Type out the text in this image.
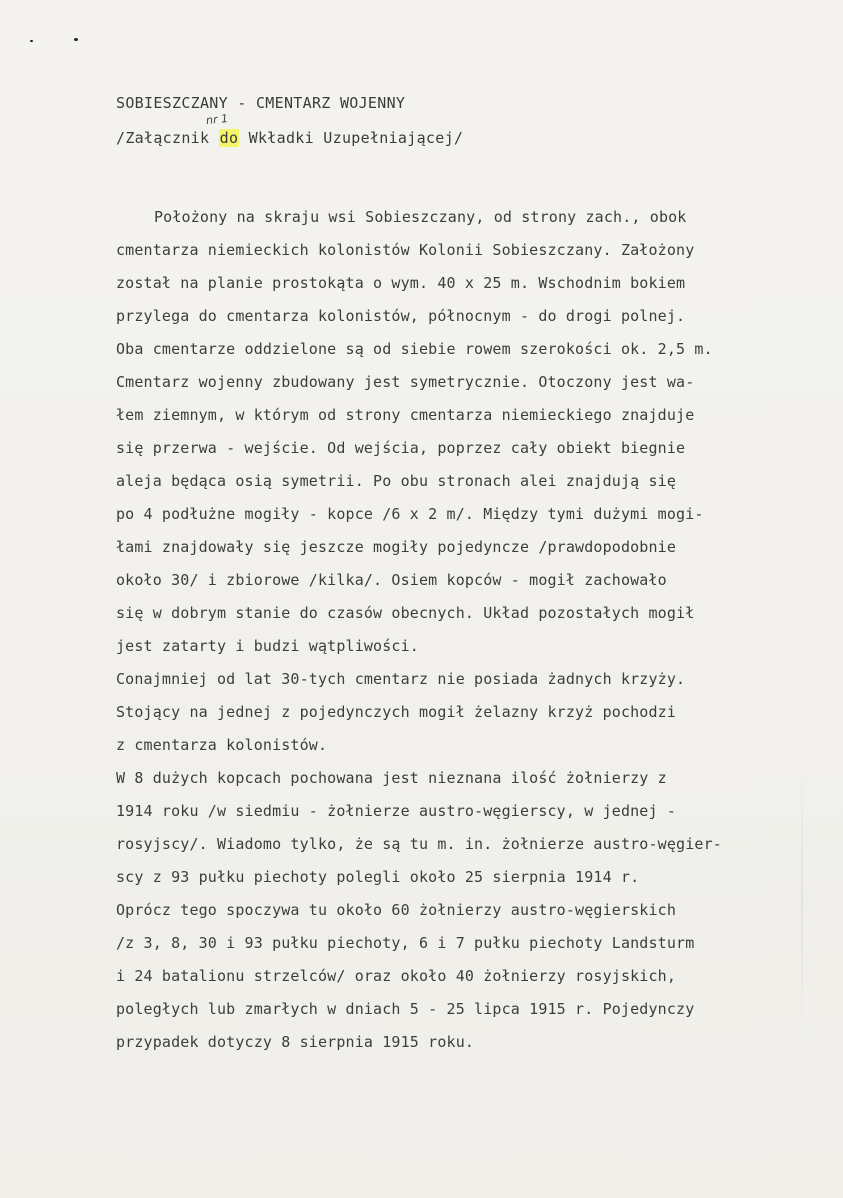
SOBIESZCZANY - CMENTARZ WOJENNY
nr 1
/Załącznik do Wkładki Uzupełniającej/
Położony na skraju wsi Sobieszczany, od strony zach., obok
cmentarza niemieckich kolonistów Kolonii Sobieszczany. Założony
został na planie prostokąta o wym. 40 x 25 m. Wschodnim bokiem
przylega do cmentarza kolonistów, północnym - do drogi polnej.
Oba cmentarze oddzielone są od siebie rowem szerokości ok. 2,5 m.
Cmentarz wojenny zbudowany jest symetrycznie. Otoczony jest wa-
łem ziemnym, w którym od strony cmentarza niemieckiego znajduje
się przerwa - wejście. Od wejścia, poprzez cały obiekt biegnie
aleja będąca osią symetrii. Po obu stronach alei znajdują się
po 4 podłużne mogiły - kopce /6 x 2 m/. Między tymi dużymi mogi-
łami znajdowały się jeszcze mogiły pojedyncze /prawdopodobnie
około 30/ i zbiorowe /kilka/. Osiem kopców - mogił zachowało
się w dobrym stanie do czasów obecnych. Układ pozostałych mogił
jest zatarty i budzi wątpliwości.
Conajmniej od lat 30-tych cmentarz nie posiada żadnych krzyży.
Stojący na jednej z pojedynczych mogił żelazny krzyż pochodzi
z cmentarza kolonistów.
W 8 dużych kopcach pochowana jest nieznana ilość żołnierzy z
1914 roku /w siedmiu - żołnierze austro-węgierscy, w jednej -
rosyjscy/. Wiadomo tylko, że są tu m. in. żołnierze austro-węgier-
scy z 93 pułku piechoty polegli około 25 sierpnia 1914 r.
Oprócz tego spoczywa tu około 60 żołnierzy austro-węgierskich
/z 3, 8, 30 i 93 pułku piechoty, 6 i 7 pułku piechoty Landsturm
i 24 batalionu strzelców/ oraz około 40 żołnierzy rosyjskich,
poległych lub zmarłych w dniach 5 - 25 lipca 1915 r. Pojedynczy
przypadek dotyczy 8 sierpnia 1915 roku.
